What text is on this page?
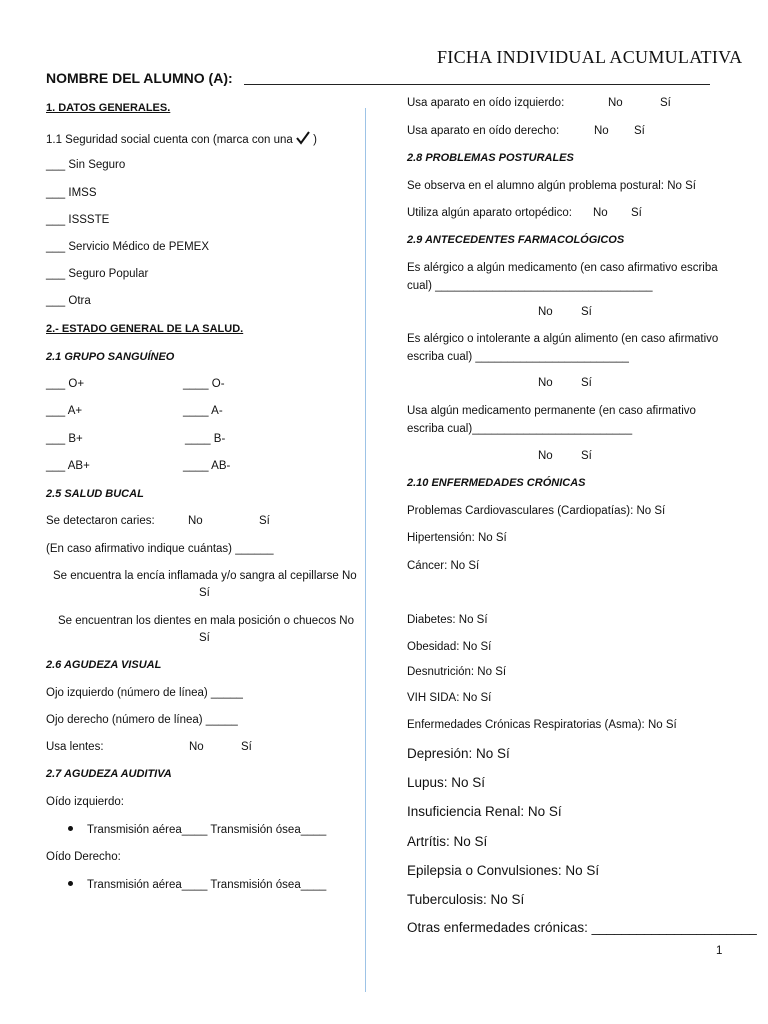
FICHA INDIVIDUAL ACUMULATIVA
NOMBRE DEL ALUMNO (A):
1. DATOS GENERALES.
1.1 Seguridad social cuenta con (marca con una )
___ Sin Seguro
___ IMSS
___ ISSSTE
___ Servicio Médico de PEMEX
___ Seguro Popular
___ Otra
2.- ESTADO GENERAL DE LA SALUD.
2.1 GRUPO SANGUÍNEO
___ O+	____ O-
___ A+	____ A-
___ B+	____ B-
___ AB+	____ AB-
2.5 SALUD BUCAL
Se detectaron caries:	No	Sí
(En caso afirmativo indique cuántas) ______
Se encuentra la encía inflamada y/o sangra al cepillarse No
Sí
Se encuentran los dientes en mala posición o chuecos No
Sí
2.6 AGUDEZA VISUAL
Ojo izquierdo (número de línea) _____
Ojo derecho (número de línea) _____
Usa lentes:	No	Sí
2.7 AGUDEZA AUDITIVA
Oído izquierdo:
Transmisión aérea____ Transmisión ósea____
Oído Derecho:
Transmisión aérea____ Transmisión ósea____
Usa aparato en oído izquierdo:	No	Sí
Usa aparato en oído derecho:	No Sí
2.8 PROBLEMAS POSTURALES
Se observa en el alumno algún problema postural: No Sí
Utiliza algún aparato ortopédico: No Sí
2.9 ANTECEDENTES FARMACOLÓGICOS
Es alérgico a algún medicamento (en caso afirmativo escriba
cual) __________________________________
No Sí
Es alérgico o intolerante a algún alimento (en caso afirmativo
escriba cual) ________________________
No Sí
Usa algún medicamento permanente (en caso afirmativo
escriba cual)_________________________
No Sí
2.10 ENFERMEDADES CRÓNICAS
Problemas Cardiovasculares (Cardiopatías): No Sí
Hipertensión: No Sí
Cáncer: No Sí
Diabetes: No Sí
Obesidad: No Sí
Desnutrición: No Sí
VIH SIDA: No Sí
Enfermedades Crónicas Respiratorias (Asma): No Sí
Depresión: No Sí
Lupus: No Sí
Insuficiencia Renal: No Sí
Artrítis: No Sí
Epilepsia o Convulsiones: No Sí
Tuberculosis: No Sí
Otras enfermedades crónicas: ______________________
1
